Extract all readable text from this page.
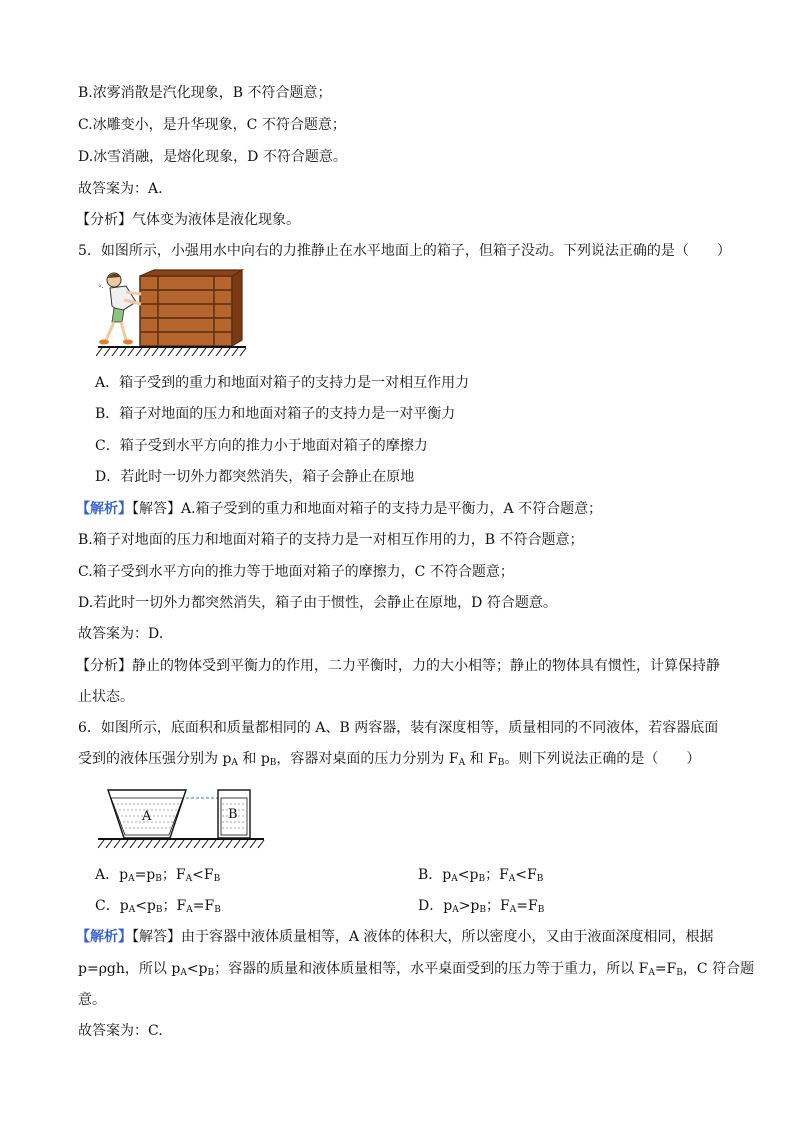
B.浓雾消散是汽化现象，B 不符合题意；
C.冰雕变小，是升华现象，C 不符合题意；
D.冰雪消融，是熔化现象，D 不符合题意。
故答案为：A.
【分析】气体变为液体是液化现象。
5．如图所示，小强用水中向右的力推静止在水平地面上的箱子，但箱子没动。下列说法正确的是（　　）
°·
A．箱子受到的重力和地面对箱子的支持力是一对相互作用力
B．箱子对地面的压力和地面对箱子的支持力是一对平衡力
C．箱子受到水平方向的推力小于地面对箱子的摩擦力
D．若此时一切外力都突然消失，箱子会静止在原地
【解析】【解答】A.箱子受到的重力和地面对箱子的支持力是平衡力，A 不符合题意；
B.箱子对地面的压力和地面对箱子的支持力是一对相互作用的力，B 不符合题意；
C.箱子受到水平方向的推力等于地面对箱子的摩擦力，C 不符合题意；
D.若此时一切外力都突然消失，箱子由于惯性，会静止在原地，D 符合题意。
故答案为：D.
【分析】静止的物体受到平衡力的作用，二力平衡时，力的大小相等；静止的物体具有惯性，计算保持静
止状态。
6．如图所示，底面积和质量都相同的 A、B 两容器，装有深度相等，质量相同的不同液体，若容器底面
受到的液体压强分别为 $p_A$ 和 $p_B$，容器对桌面的压力分别为 $F_A$ 和 $F_B$。则下列说法正确的是（　　）
A	B
A．$p_A=p_B$；$F_A<F_B$	B．$p_A<p_B$；$F_A<F_B$
C．$p_A<p_B$；$F_A=F_B$	D．$p_A>p_B$；$F_A=F_B$
【解析】【解答】由于容器中液体质量相等，A 液体的体积大，所以密度小，又由于液面深度相同，根据
p=ρgh，所以 $p_A<p_B$；容器的质量和液体质量相等，水平桌面受到的压力等于重力，所以 $F_A=F_B$，C 符合题
意。
故答案为：C.
